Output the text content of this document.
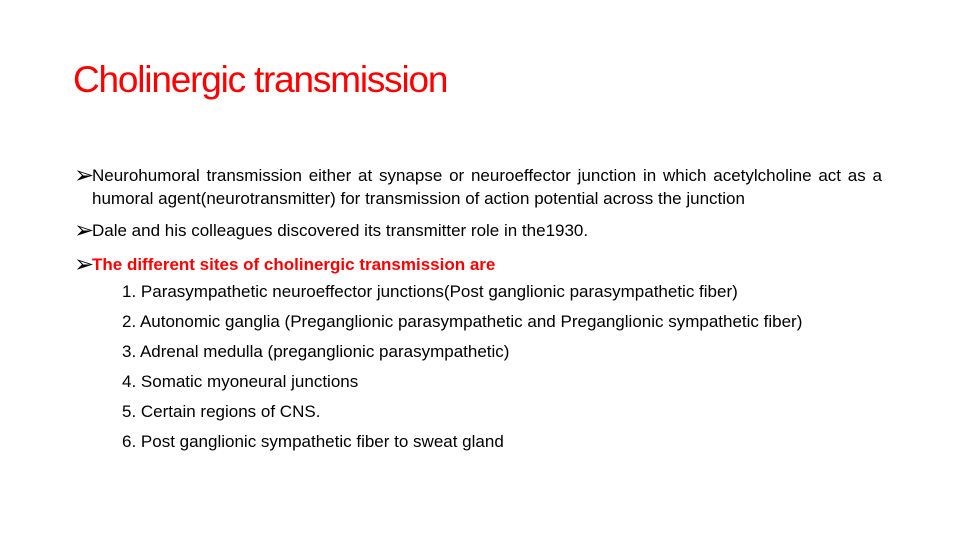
Cholinergic transmission
➢
Neurohumoral transmission either at synapse or neuroeffector junction in which acetylcholine act as a humoral agent(neurotransmitter) for transmission of action potential across the junction
➢
Dale and his colleagues discovered its transmitter role in the1930.
➢
The different sites of cholinergic transmission are
1. Parasympathetic neuroeffector junctions(Post ganglionic parasympathetic fiber)
2. Autonomic ganglia (Preganglionic parasympathetic and Preganglionic sympathetic fiber)
3. Adrenal medulla (preganglionic parasympathetic)
4. Somatic myoneural junctions
5. Certain regions of CNS.
6. Post ganglionic sympathetic fiber to sweat gland
